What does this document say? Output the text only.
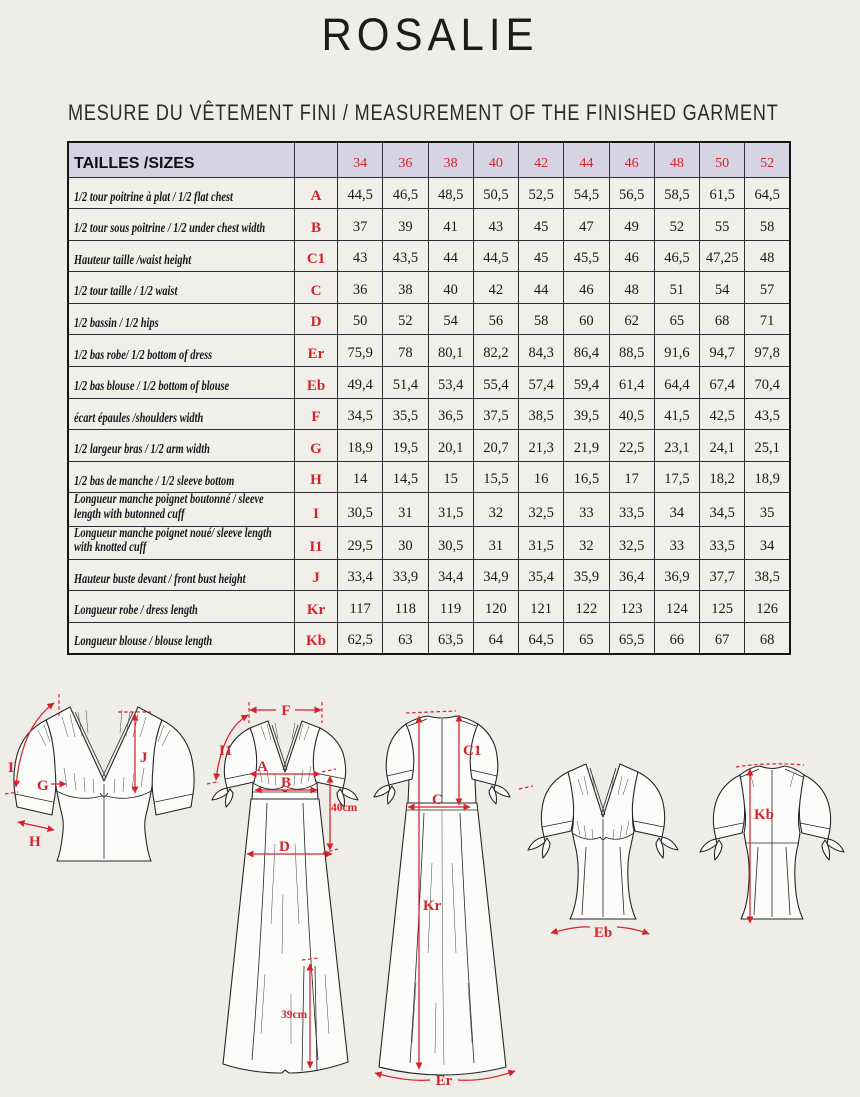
ROSALIE
MESURE DU VÊTEMENT FINI / MEASUREMENT OF THE FINISHED GARMENT
TAILLES /SIZES		34	36	38	40	42	44	46	48	50	52
1/2 tour poitrine à plat / 1/2 flat chest	A	44,5	46,5	48,5	50,5	52,5	54,5	56,5	58,5	61,5	64,5
1/2 tour sous poitrine / 1/2 under chest width	B	37	39	41	43	45	47	49	52	55	58
Hauteur taille /waist height	C1	43	43,5	44	44,5	45	45,5	46	46,5	47,25	48
1/2 tour taille / 1/2 waist	C	36	38	40	42	44	46	48	51	54	57
1/2 bassin / 1/2 hips	D	50	52	54	56	58	60	62	65	68	71
1/2 bas robe/ 1/2 bottom of dress	Er	75,9	78	80,1	82,2	84,3	86,4	88,5	91,6	94,7	97,8
1/2 bas blouse / 1/2 bottom of blouse	Eb	49,4	51,4	53,4	55,4	57,4	59,4	61,4	64,4	67,4	70,4
écart épaules /shoulders width	F	34,5	35,5	36,5	37,5	38,5	39,5	40,5	41,5	42,5	43,5
1/2 largeur bras / 1/2 arm width	G	18,9	19,5	20,1	20,7	21,3	21,9	22,5	23,1	24,1	25,1
1/2 bas de manche / 1/2 sleeve bottom	H	14	14,5	15	15,5	16	16,5	17	17,5	18,2	18,9
Longueur manche poignet boutonné / sleeve length with butonned cuff	I	30,5	31	31,5	32	32,5	33	33,5	34	34,5	35
Longueur manche poignet noué/ sleeve length with knotted cuff	I1	29,5	30	30,5	31	31,5	32	32,5	33	33,5	34
Hauteur buste devant / front bust height	J	33,4	33,9	34,4	34,9	35,4	35,9	36,4	36,9	37,7	38,5
Longueur robe / dress length	Kr	117	118	119	120	121	122	123	124	125	126
Longueur blouse / blouse length	Kb	62,5	63	63,5	64	64,5	65	65,5	66	67	68
I
G
J
H
F
I1
A
B
40cm
D
39cm
C1
Kr
C
Er
Eb
Kb
